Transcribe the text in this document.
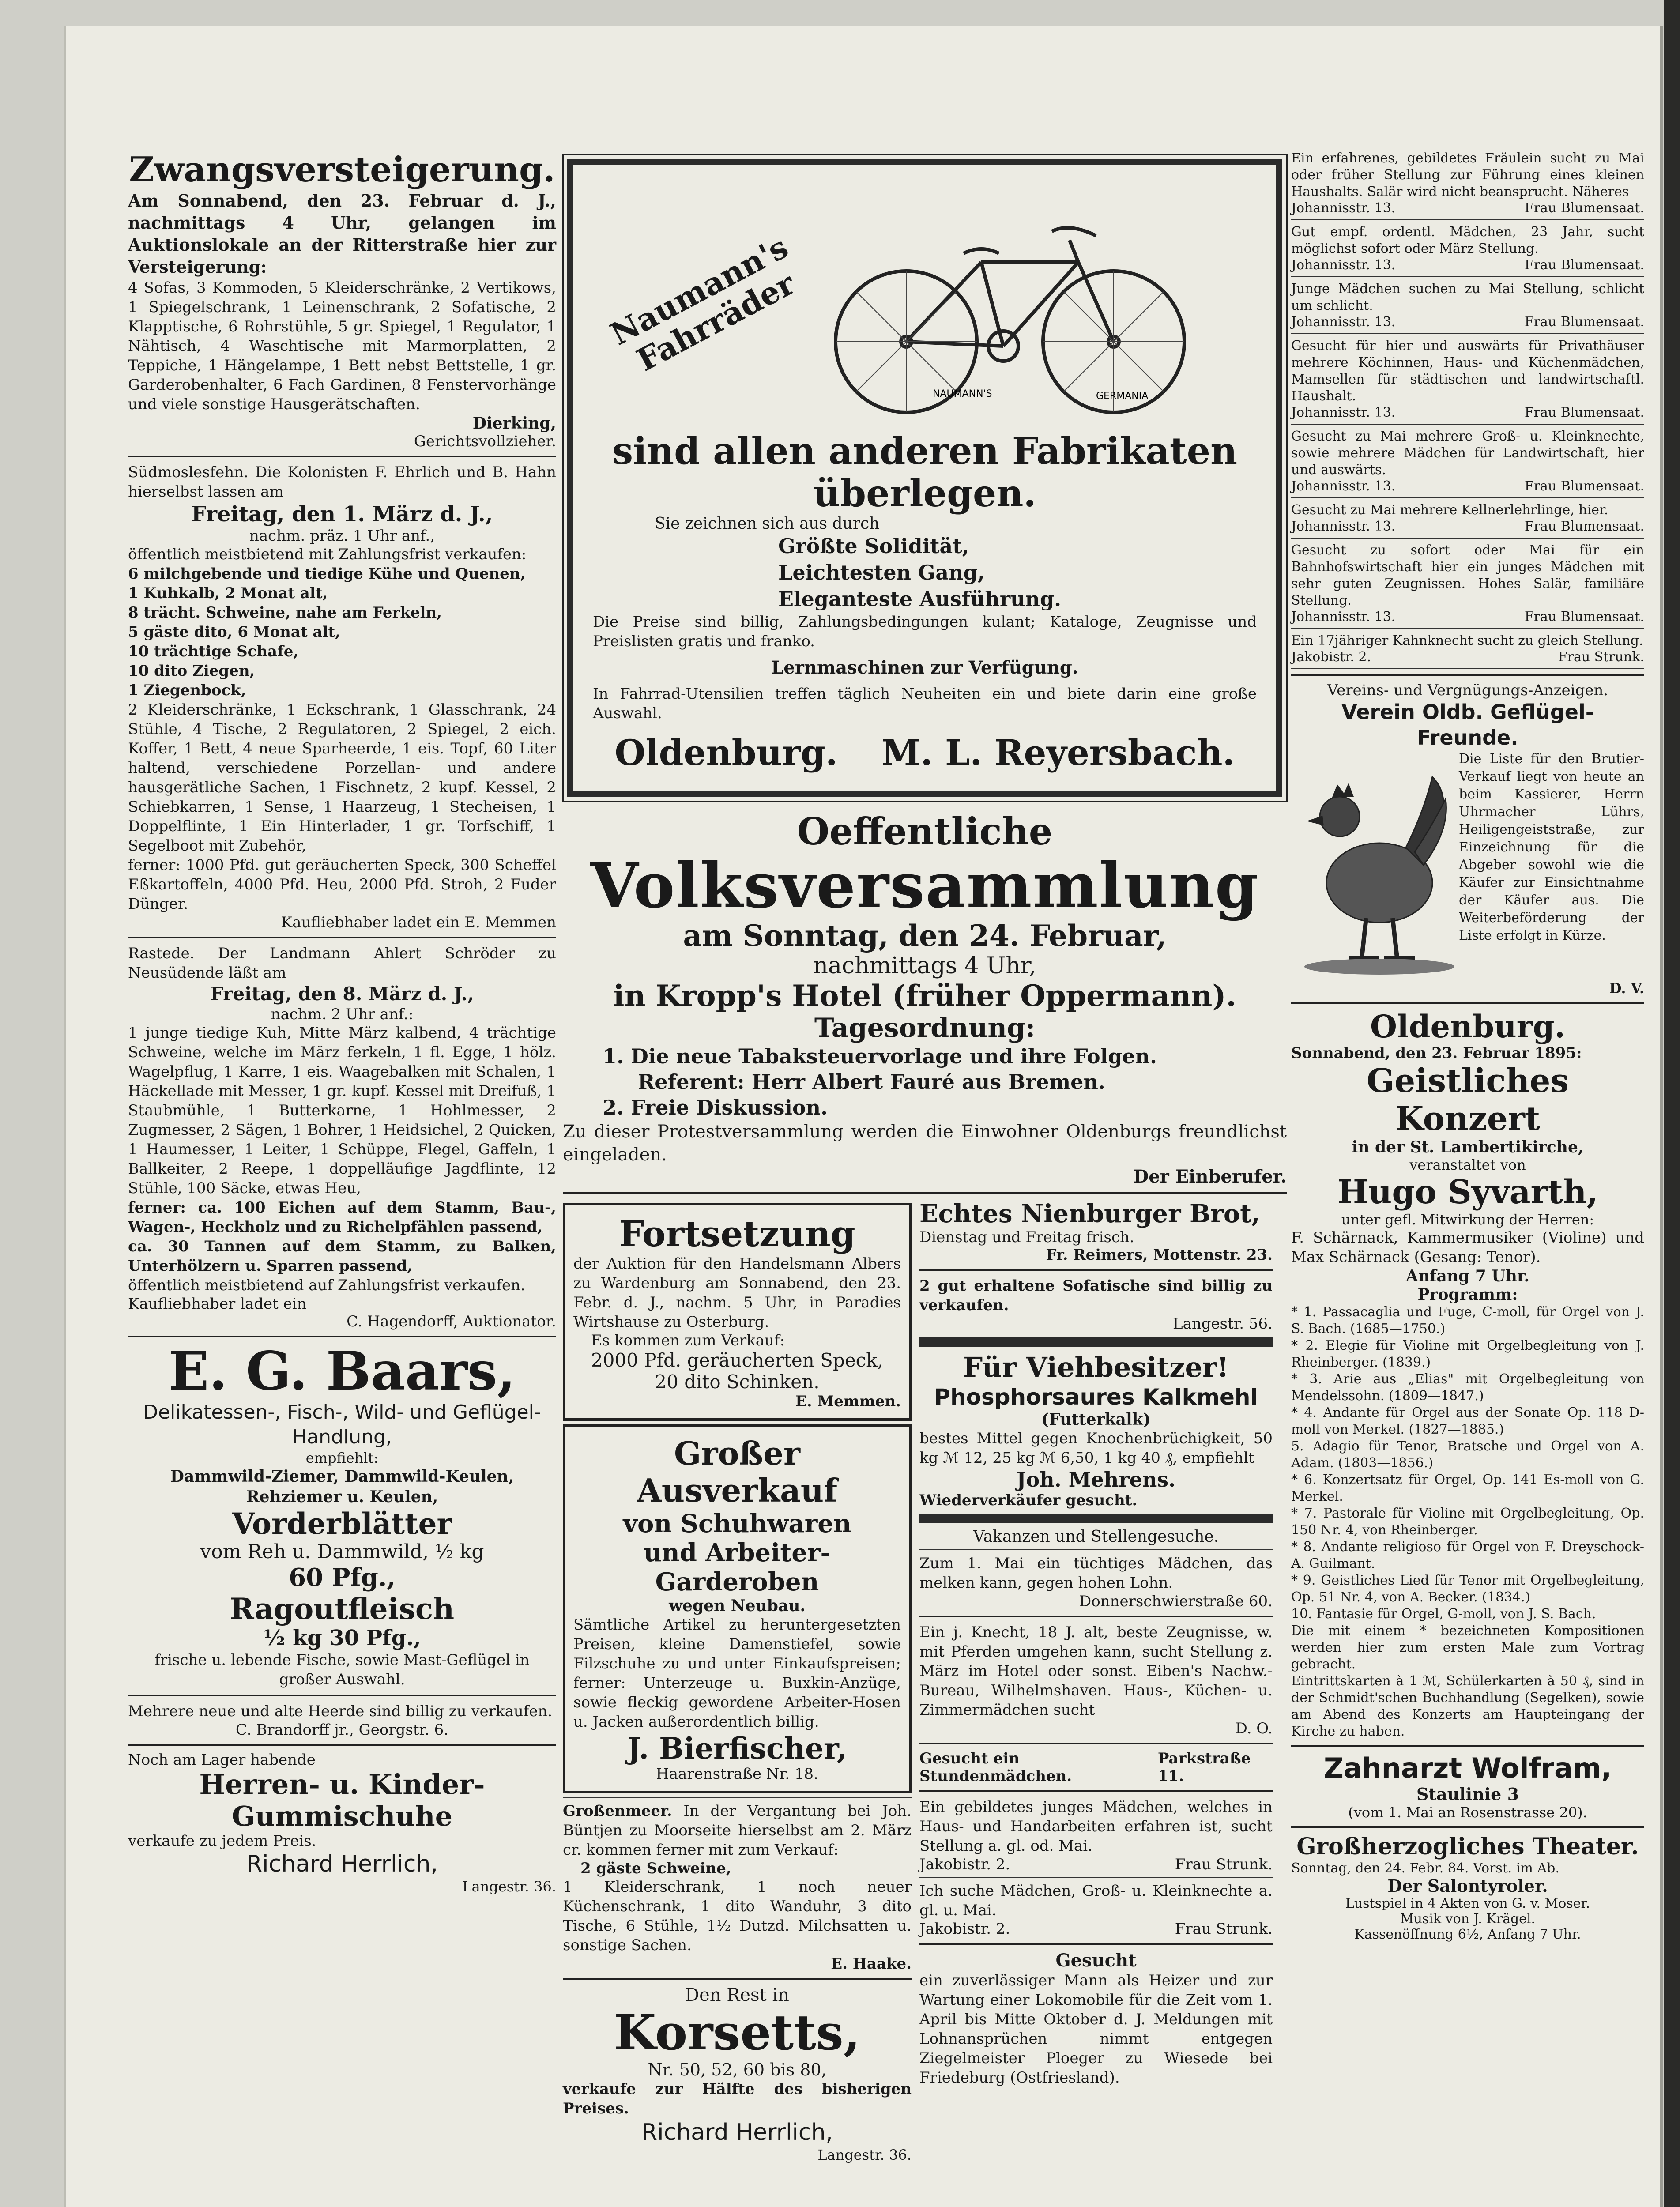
Zwangsversteigerung.

Am Sonnabend, den 23. Februar d. J., nachmittags 4 Uhr, gelangen im Auktionslokale an der Ritterstraße hier zur Versteigerung:

4 Sofas, 3 Kommoden, 5 Kleiderschränke, 2 Vertikows, 1 Spiegelschrank, 1 Leinenschrank, 2 Sofatische, 2 Klapptische, 6 Rohrstühle, 5 gr. Spiegel, 1 Regulator, 1 Nähtisch, 4 Waschtische mit Marmorplatten, 2 Teppiche, 1 Hängelampe, 1 Bett nebst Bettstelle, 1 gr. Garderobenhalter, 6 Fach Gardinen, 8 Fenstervorhänge und viele sonstige Hausgerätschaften.

Dierking,
Gerichtsvollzieher.

Südmoslesfehn. Die Kolonisten F. Ehrlich und B. Hahn hierselbst lassen am

Freitag, den 1. März d. J.,
nachm. präz. 1 Uhr anf.,

öffentlich meistbietend mit Zahlungsfrist verkaufen:

6 milchgebende und tiedige Kühe und Quenen,
1 Kuhkalb, 2 Monat alt,
8 trächt. Schweine, nahe am Ferkeln,
5 gäste dito, 6 Monat alt,
10 trächtige Schafe,
10 dito Ziegen,
1 Ziegenbock,

2 Kleiderschränke, 1 Eckschrank, 1 Glasschrank, 24 Stühle, 4 Tische, 2 Regulatoren, 2 Spiegel, 2 eich. Koffer, 1 Bett, 4 neue Sparheerde, 1 eis. Topf, 60 Liter haltend, verschiedene Porzellan- und andere hausgerätliche Sachen, 1 Fischnetz, 2 kupf. Kessel, 2 Schiebkarren, 1 Sense, 1 Haarzeug, 1 Stecheisen, 1 Doppelflinte, 1 Ein Hinterlader, 1 gr. Torfschiff, 1 Segelboot mit Zubehör,

ferner: 1000 Pfd. gut geräucherten Speck, 300 Scheffel Eßkartoffeln, 4000 Pfd. Heu, 2000 Pfd. Stroh, 2 Fuder Dünger.

Kaufliebhaber ladet ein E. Memmen

Rastede. Der Landmann Ahlert Schröder zu Neusüdende läßt am

Freitag, den 8. März d. J.,
nachm. 2 Uhr anf.:

1 junge tiedige Kuh, Mitte März kalbend, 4 trächtige Schweine, welche im März ferkeln, 1 fl. Egge, 1 hölz. Wagelpflug, 1 Karre, 1 eis. Waagebalken mit Schalen, 1 Häckellade mit Messer, 1 gr. kupf. Kessel mit Dreifuß, 1 Staubmühle, 1 Butterkarne, 1 Hohlmesser, 2 Zugmesser, 2 Sägen, 1 Bohrer, 1 Heidsichel, 2 Quicken, 1 Haumesser, 1 Leiter, 1 Schüppe, Flegel, Gaffeln, 1 Ballkeiter, 2 Reepe, 1 doppelläufige Jagdflinte, 12 Stühle, 100 Säcke, etwas Heu,

ferner: ca. 100 Eichen auf dem Stamm, Bau-, Wagen-, Heckholz und zu Richelpfählen passend,

ca. 30 Tannen auf dem Stamm, zu Balken, Unterhölzern u. Sparren passend,

öffentlich meistbietend auf Zahlungsfrist verkaufen.

Kaufliebhaber ladet ein
C. Hagendorff, Auktionator.
E. G. Baars,
Delikatessen-, Fisch-, Wild- und Geflügel-Handlung,
empfiehlt:
Dammwild-Ziemer, Dammwild-Keulen, Rehziemer u. Keulen,
Vorderblätter
vom Reh u. Dammwild, ½ kg
60 Pfg.,
Ragoutfleisch
½ kg 30 Pfg.,

frische u. lebende Fische, sowie Mast-Geflügel in großer Auswahl.

Mehrere neue und alte Heerde sind billig zu verkaufen.

C. Brandorff jr., Georgstr. 6.
Noch am Lager habende
Herren- u. Kinder-
Gummischuhe
verkaufe zu jedem Preis.
Richard Herrlich,
Langestr. 36.
Naumann's Fahrräder
NAUMANN'S	GERMANIA
sind allen anderen Fabrikaten überlegen.
Sie zeichnen sich aus durch
Größte Solidität,
Leichtesten Gang,
Eleganteste Ausführung.

Die Preise sind billig, Zahlungsbedingungen kulant; Kataloge, Zeugnisse und Preislisten gratis und franko.

Lernmaschinen zur Verfügung.

In Fahrrad-Utensilien treffen täglich Neuheiten ein und biete darin eine große Auswahl.

Oldenburg. M. L. Reyersbach.
Oeffentliche
Volksversammlung
am Sonntag, den 24. Februar,
nachmittags 4 Uhr,
in Kropp's Hotel (früher Oppermann).
Tagesordnung:
1. Die neue Tabaksteuervorlage und ihre Folgen.
Referent: Herr Albert Fauré aus Bremen.
2. Freie Diskussion.

Zu dieser Protestversammlung werden die Einwohner Oldenburgs freundlichst eingeladen.

Der Einberufer.
Fortsetzung

der Auktion für den Handelsmann Albers zu Wardenburg am Sonnabend, den 23. Febr. d. J., nachm. 5 Uhr, in Paradies Wirtshause zu Osterburg.

Es kommen zum Verkauf:
2000 Pfd. geräucherten Speck,
20 dito Schinken.
E. Memmen.
Großer Ausverkauf
von Schuhwaren
und Arbeiter-Garderoben
wegen Neubau.

Sämtliche Artikel zu heruntergesetzten Preisen, kleine Damenstiefel, sowie Filzschuhe zu und unter Einkaufspreisen; ferner: Unterzeuge u. Buxkin-Anzüge, sowie fleckig gewordene Arbeiter-Hosen u. Jacken außerordentlich billig.

J. Bierfischer,
Haarenstraße Nr. 18.

Großenmeer. In der Vergantung bei Joh. Büntjen zu Moorseite hierselbst am 2. März cr. kommen ferner mit zum Verkauf:

2 gäste Schweine,

1 Kleiderschrank, 1 noch neuer Küchenschrank, 1 dito Wanduhr, 3 dito Tische, 6 Stühle, 1½ Dutzd. Milchsatten u. sonstige Sachen.

E. Haake.
Den Rest in
Korsetts,
Nr. 50, 52, 60 bis 80,

verkaufe zur Hälfte des bisherigen Preises.

Richard Herrlich,
Langestr. 36.
Echtes Nienburger Brot,
Dienstag und Freitag frisch.
Fr. Reimers, Mottenstr. 23.

2 gut erhaltene Sofatische sind billig zu verkaufen.

Langestr. 56.
Für Viehbesitzer!
Phosphorsaures Kalkmehl
(Futterkalk)

bestes Mittel gegen Knochenbrüchigkeit, 50 kg ℳ 12, 25 kg ℳ 6,50, 1 kg 40 ₰, empfiehlt

Joh. Mehrens.
Wiederverkäufer gesucht.
Vakanzen und Stellengesuche.

Zum 1. Mai ein tüchtiges Mädchen, das melken kann, gegen hohen Lohn.

Donnerschwierstraße 60.

Ein j. Knecht, 18 J. alt, beste Zeugnisse, w. mit Pferden umgehen kann, sucht Stellung z. März im Hotel oder sonst. Eiben's Nachw.-Bureau, Wilhelmshaven. Haus-, Küchen- u. Zimmermädchen sucht

D. O.
Gesucht ein Stundenmädchen.
Parkstraße 11.

Ein gebildetes junges Mädchen, welches in Haus- und Handarbeiten erfahren ist, sucht Stellung a. gl. od. Mai.

Jakobistr. 2.	Frau Strunk.

Ich suche Mädchen, Groß- u. Kleinknechte a. gl. u. Mai.

Jakobistr. 2.	Frau Strunk.
Gesucht

ein zuverlässiger Mann als Heizer und zur Wartung einer Lokomobile für die Zeit vom 1. April bis Mitte Oktober d. J. Meldungen mit Lohnansprüchen nimmt entgegen Ziegelmeister Ploeger zu Wiesede bei Friedeburg (Ostfriesland).

Ein erfahrenes, gebildetes Fräulein sucht zu Mai oder früher Stellung zur Führung eines kleinen Haushalts. Salär wird nicht beansprucht. Näheres

Johannisstr. 13.	Frau Blumensaat.

Gut empf. ordentl. Mädchen, 23 Jahr, sucht möglichst sofort oder März Stellung.

Johannisstr. 13.	Frau Blumensaat.

Junge Mädchen suchen zu Mai Stellung, schlicht um schlicht.

Johannisstr. 13.	Frau Blumensaat.

Gesucht für hier und auswärts für Privathäuser mehrere Köchinnen, Haus- und Küchenmädchen, Mamsellen für städtischen und landwirtschaftl. Haushalt.

Johannisstr. 13.	Frau Blumensaat.

Gesucht zu Mai mehrere Groß- u. Kleinknechte, sowie mehrere Mädchen für Landwirtschaft, hier und auswärts.

Johannisstr. 13.	Frau Blumensaat.

Gesucht zu Mai mehrere Kellnerlehrlinge, hier.

Johannisstr. 13.	Frau Blumensaat.

Gesucht zu sofort oder Mai für ein Bahnhofswirtschaft hier ein junges Mädchen mit sehr guten Zeugnissen. Hohes Salär, familiäre Stellung.

Johannisstr. 13.	Frau Blumensaat.

Ein 17jähriger Kahnknecht sucht zu gleich Stellung.

Jakobistr. 2.	Frau Strunk.
Vereins- und Vergnügungs-Anzeigen.
Verein Oldb. Geflügel-Freunde.

Die Liste für den Brutier-Verkauf liegt von heute an beim Kassierer, Herrn Uhrmacher Lührs, Heiligengeiststraße, zur Einzeichnung für die Abgeber sowohl wie die Käufer zur Einsichtnahme der Käufer aus. Die Weiterbeförderung der Liste erfolgt in Kürze.

D. V.
Oldenburg.
Sonnabend, den 23. Februar 1895:
Geistliches Konzert
in der St. Lambertikirche,
veranstaltet von
Hugo Syvarth,
unter gefl. Mitwirkung der Herren:

F. Schärnack, Kammermusiker (Violine) und Max Schärnack (Gesang: Tenor).

Anfang 7 Uhr.
Programm:
* 1. Passacaglia und Fuge, C-moll, für Orgel von J. S. Bach. (1685—1750.)
* 2. Elegie für Violine mit Orgelbegleitung von J. Rheinberger. (1839.)
* 3. Arie aus „Elias" mit Orgelbegleitung von Mendelssohn. (1809—1847.)
* 4. Andante für Orgel aus der Sonate Op. 118 D-moll von Merkel. (1827—1885.)
5. Adagio für Tenor, Bratsche und Orgel von A. Adam. (1803—1856.)
* 6. Konzertsatz für Orgel, Op. 141 Es-moll von G. Merkel.
* 7. Pastorale für Violine mit Orgelbegleitung, Op. 150 Nr. 4, von Rheinberger.
* 8. Andante religioso für Orgel von F. Dreyschock-A. Guilmant.
* 9. Geistliches Lied für Tenor mit Orgelbegleitung, Op. 51 Nr. 4, von A. Becker. (1834.)
10. Fantasie für Orgel, G-moll, von J. S. Bach.

Die mit einem * bezeichneten Kompositionen werden hier zum ersten Male zum Vortrag gebracht.

Eintrittskarten à 1 ℳ, Schülerkarten à 50 ₰, sind in der Schmidt'schen Buchhandlung (Segelken), sowie am Abend des Konzerts am Haupteingang der Kirche zu haben.

Zahnarzt Wolfram,
Staulinie 3
(vom 1. Mai an Rosenstrasse 20).
Großherzogliches Theater.
Sonntag, den 24. Febr. 84. Vorst. im Ab.
Der Salontyroler.
Lustspiel in 4 Akten von G. v. Moser.
Musik von J. Krägel.
Kassenöffnung 6½, Anfang 7 Uhr.
